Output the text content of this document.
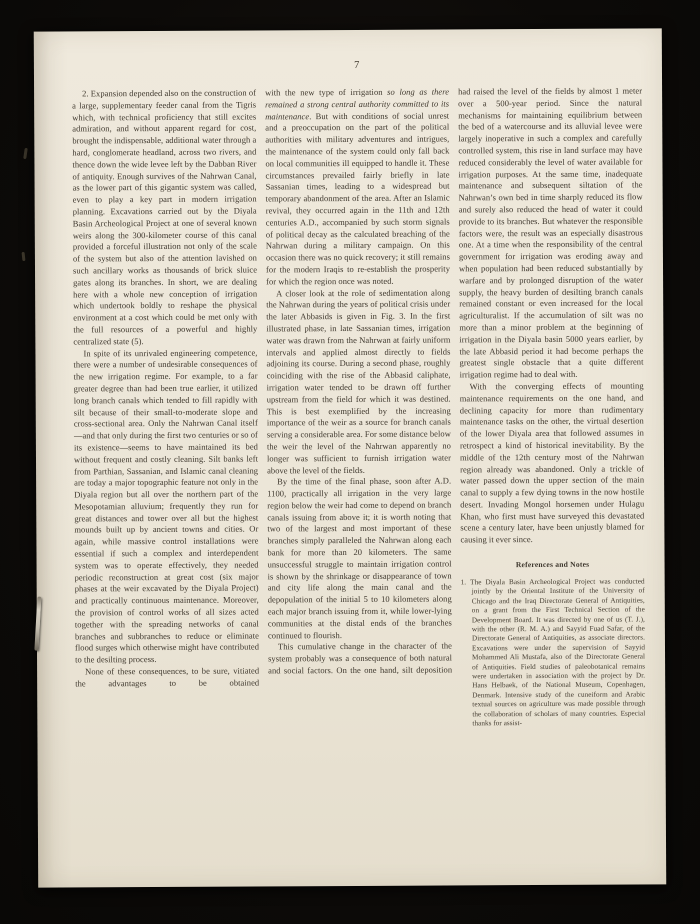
7

2. Expansion depended also on the construction of a large, supplementary feeder canal from the Tigris which, with technical proficiency that still excites admiration, and without apparent regard for cost, brought the indispensable, additional water through a hard, conglomerate headland, across two rivers, and thence down the wide levee left by the Dabban River of antiquity. Enough survives of the Nahrwan Canal, as the lower part of this gigantic system was called, even to play a key part in modern irrigation planning. Excavations carried out by the Diyala Basin Archeological Project at one of several known weirs along the 300-kilometer course of this canal provided a forceful illustration not only of the scale of the system but also of the attention lavished on such ancillary works as thousands of brick sluice gates along its branches. In short, we are dealing here with a whole new conception of irrigation which undertook boldly to reshape the physical environment at a cost which could be met only with the full resources of a powerful and highly centralized state (5).

In spite of its unrivaled engineering competence, there were a number of undesirable consequences of the new irrigation regime. For example, to a far greater degree than had been true earlier, it utilized long branch canals which tended to fill rapidly with silt because of their small-to-moderate slope and cross-sectional area. Only the Nahrwan Canal itself—and that only during the first two centuries or so of its existence—seems to have maintained its bed without frequent and costly cleaning. Silt banks left from Parthian, Sassanian, and Islamic canal cleaning are today a major topographic feature not only in the Diyala region but all over the northern part of the Mesopotamian alluvium; frequently they run for great distances and tower over all but the highest mounds built up by ancient towns and cities. Or again, while massive control installations were essential if such a complex and interdependent system was to operate effectively, they needed periodic reconstruction at great cost (six major phases at the weir excavated by the Diyala Project) and practically continuous maintenance. Moreover, the provision of control works of all sizes acted together with the spreading networks of canal branches and subbranches to reduce or eliminate flood surges which otherwise might have contributed to the desilting process.

None of these consequences, to be sure, vitiated the advantages to be obtained

with the new type of irrigation so long as there remained a strong central authority committed to its maintenance. But with conditions of social unrest and a preoccupation on the part of the political authorities with military adventures and intrigues, the maintenance of the system could only fall back on local communities ill equipped to handle it. These circumstances prevailed fairly briefly in late Sassanian times, leading to a widespread but temporary abandonment of the area. After an Islamic revival, they occurred again in the 11th and 12th centuries A.D., accompanied by such storm signals of political decay as the calculated breaching of the Nahrwan during a military campaign. On this occasion there was no quick recovery; it still remains for the modern Iraqis to re-establish the prosperity for which the region once was noted.

A closer look at the role of sedimentation along the Nahrwan during the years of political crisis under the later Abbasids is given in Fig. 3. In the first illustrated phase, in late Sassanian times, irrigation water was drawn from the Nahrwan at fairly uniform intervals and applied almost directly to fields adjoining its course. During a second phase, roughly coinciding with the rise of the Abbasid caliphate, irrigation water tended to be drawn off further upstream from the field for which it was destined. This is best exemplified by the increasing importance of the weir as a source for branch canals serving a considerable area. For some distance below the weir the level of the Nahrwan apparently no longer was sufficient to furnish irrigation water above the level of the fields.

By the time of the final phase, soon after A.D. 1100, practically all irrigation in the very large region below the weir had come to depend on branch canals issuing from above it; it is worth noting that two of the largest and most important of these branches simply paralleled the Nahrwan along each bank for more than 20 kilometers. The same unsuccessful struggle to maintain irrigation control is shown by the shrinkage or disappearance of town and city life along the main canal and the depopulation of the initial 5 to 10 kilometers along each major branch issuing from it, while lower-lying communities at the distal ends of the branches continued to flourish.

This cumulative change in the character of the system probably was a consequence of both natural and social factors. On the one hand, silt deposition

had raised the level of the fields by almost 1 meter over a 500-year period. Since the natural mechanisms for maintaining equilibrium between the bed of a watercourse and its alluvial levee were largely inoperative in such a complex and carefully controlled system, this rise in land surface may have reduced considerably the level of water available for irrigation purposes. At the same time, inadequate maintenance and subsequent siltation of the Nahrwan’s own bed in time sharply reduced its flow and surely also reduced the head of water it could provide to its branches. But whatever the responsible factors were, the result was an especially disastrous one. At a time when the responsibility of the central government for irrigation was eroding away and when population had been reduced substantially by warfare and by prolonged disruption of the water supply, the heavy burden of desilting branch canals remained constant or even increased for the local agriculturalist. If the accumulation of silt was no more than a minor problem at the beginning of irrigation in the Diyala basin 5000 years earlier, by the late Abbasid period it had become perhaps the greatest single obstacle that a quite different irrigation regime had to deal with.

With the converging effects of mounting maintenance requirements on the one hand, and declining capacity for more than rudimentary maintenance tasks on the other, the virtual desertion of the lower Diyala area that followed assumes in retrospect a kind of historical inevitability. By the middle of the 12th century most of the Nahrwan region already was abandoned. Only a trickle of water passed down the upper section of the main canal to supply a few dying towns in the now hostile desert. Invading Mongol horsemen under Hulagu Khan, who first must have surveyed this devastated scene a century later, have been unjustly blamed for causing it ever since.

References and Notes
1. The Diyala Basin Archeological Project was conducted jointly by the Oriental Institute of the University of Chicago and the Iraq Directorate General of Antiquities, on a grant from the First Technical Section of the Development Board. It was directed by one of us (T. J.), with the other (R. M. A.) and Sayyid Fuad Safar, of the Directorate General of Antiquities, as associate directors. Excavations were under the supervision of Sayyid Mohammed Ali Mustafa, also of the Directorate General of Antiquities. Field studies of paleobotanical remains were undertaken in association with the project by Dr. Hans Helbaek, of the National Museum, Copenhagen, Denmark. Intensive study of the cuneiform and Arabic textual sources on agriculture was made possible through the collaboration of scholars of many countries. Especial thanks for assist-
